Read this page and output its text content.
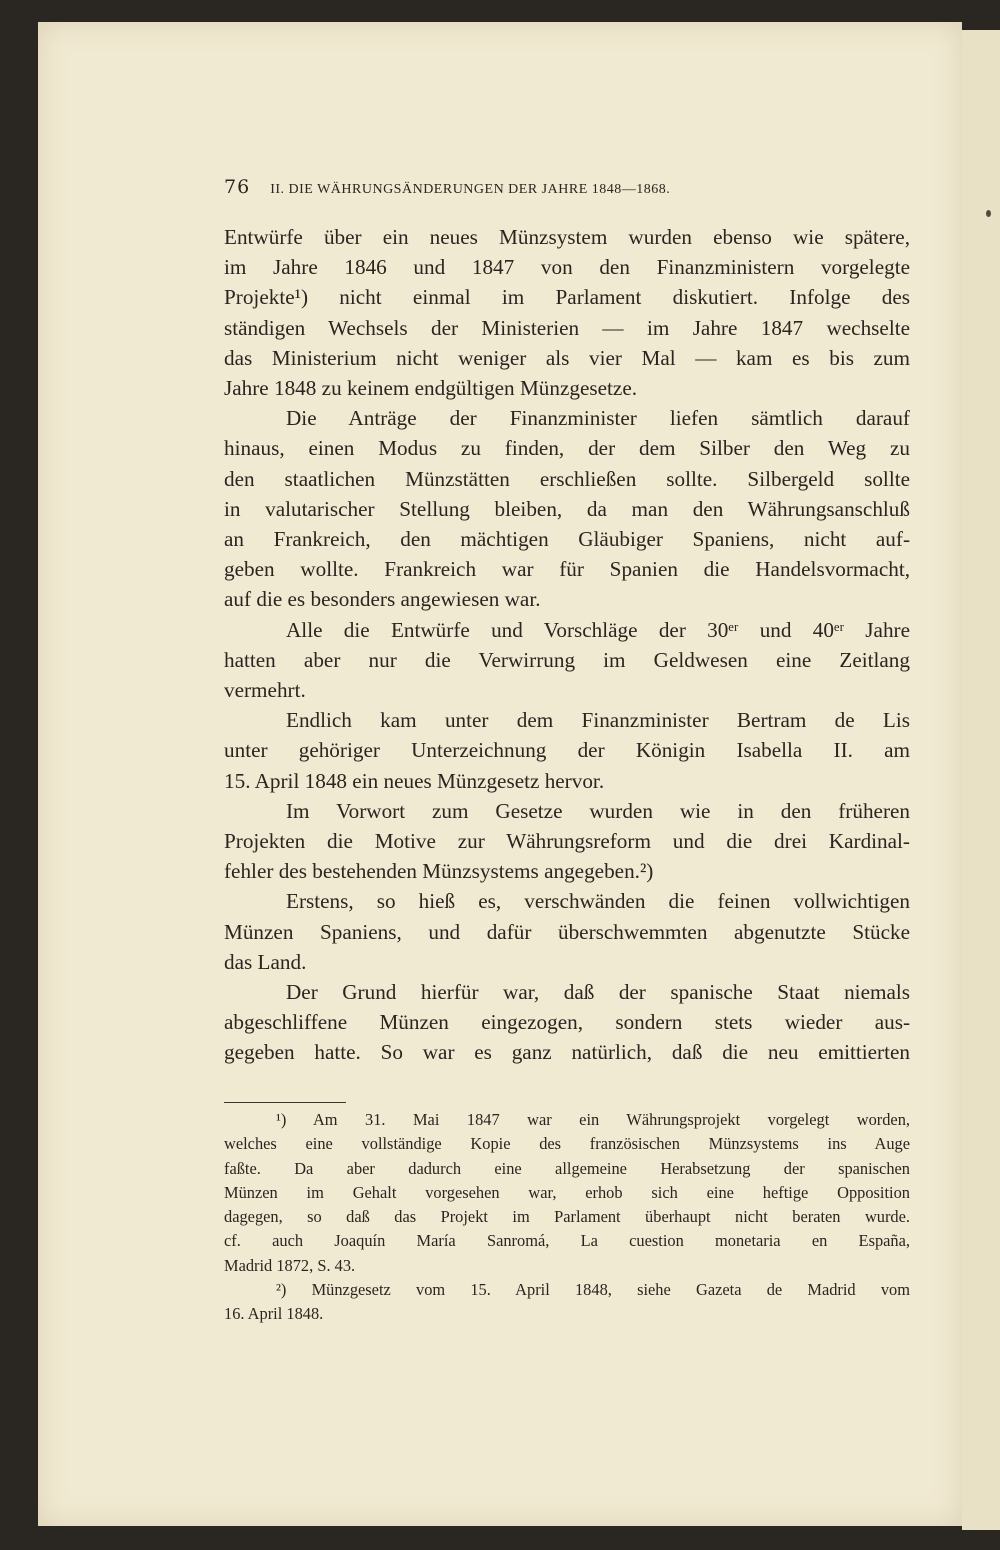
76 II. DIE WÄHRUNGSÄNDERUNGEN DER JAHRE 1848—1868.
Entwürfe über ein neues Münzsystem wurden ebenso wie spätere,
im Jahre 1846 und 1847 von den Finanzministern vorgelegte
Projekte¹) nicht einmal im Parlament diskutiert. Infolge des
ständigen Wechsels der Ministerien — im Jahre 1847 wechselte
das Ministerium nicht weniger als vier Mal — kam es bis zum
Jahre 1848 zu keinem endgültigen Münzgesetze.
Die Anträge der Finanzminister liefen sämtlich darauf
hinaus, einen Modus zu finden, der dem Silber den Weg zu
den staatlichen Münzstätten erschließen sollte. Silbergeld sollte
in valutarischer Stellung bleiben, da man den Währungsanschluß
an Frankreich, den mächtigen Gläubiger Spaniens, nicht auf-
geben wollte. Frankreich war für Spanien die Handelsvormacht,
auf die es besonders angewiesen war.
Alle die Entwürfe und Vorschläge der 30ᵉʳ und 40ᵉʳ Jahre
hatten aber nur die Verwirrung im Geldwesen eine Zeitlang
vermehrt.
Endlich kam unter dem Finanzminister Bertram de Lis
unter gehöriger Unterzeichnung der Königin Isabella II. am
15. April 1848 ein neues Münzgesetz hervor.
Im Vorwort zum Gesetze wurden wie in den früheren
Projekten die Motive zur Währungsreform und die drei Kardinal-
fehler des bestehenden Münzsystems angegeben.²)
Erstens, so hieß es, verschwänden die feinen vollwichtigen
Münzen Spaniens, und dafür überschwemmten abgenutzte Stücke
das Land.
Der Grund hierfür war, daß der spanische Staat niemals
abgeschliffene Münzen eingezogen, sondern stets wieder aus-
gegeben hatte. So war es ganz natürlich, daß die neu emittierten
¹) Am 31. Mai 1847 war ein Währungsprojekt vorgelegt worden,
welches eine vollständige Kopie des französischen Münzsystems ins Auge
faßte. Da aber dadurch eine allgemeine Herabsetzung der spanischen
Münzen im Gehalt vorgesehen war, erhob sich eine heftige Opposition
dagegen, so daß das Projekt im Parlament überhaupt nicht beraten wurde.
cf. auch Joaquín María Sanromá, La cuestion monetaria en España,
Madrid 1872, S. 43.
²) Münzgesetz vom 15. April 1848, siehe Gazeta de Madrid vom
16. April 1848.
